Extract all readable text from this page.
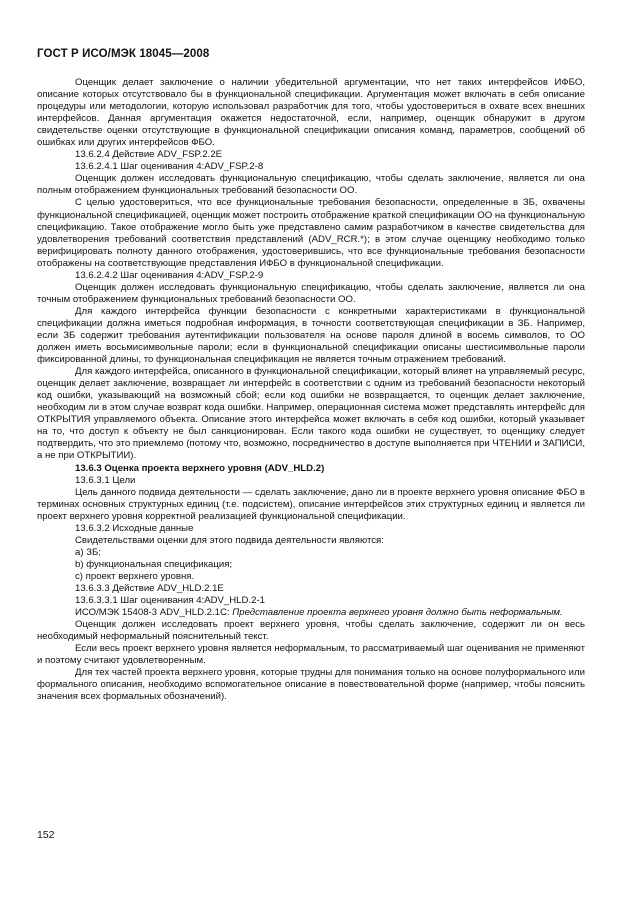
ГОСТ Р ИСО/МЭК 18045—2008

Оценщик делает заключение о наличии убедительной аргументации, что нет таких интерфейсов ИФБО, описание которых отсутствовало бы в функциональной спецификации. Аргументация может включать в себя описание процедуры или методологии, которую использовал разработчик для того, чтобы удостовериться в охвате всех внешних интерфейсов. Данная аргументация окажется недостаточной, если, например, оценщик обнаружит в другом свидетельстве оценки отсутствующие в функциональной спецификации описания команд, параметров, сообщений об ошибках или других интерфейсов ФБО.

13.6.2.4 Действие ADV_FSP.2.2E

13.6.2.4.1 Шаг оценивания 4:ADV_FSP.2-8

Оценщик должен исследовать функциональную спецификацию, чтобы сделать заключение, является ли она полным отображением функциональных требований безопасности ОО.

С целью удостовериться, что все функциональные требования безопасности, определенные в ЗБ, охвачены функциональной спецификацией, оценщик может построить отображение краткой спецификации ОО на функциональную спецификацию. Такое отображение могло быть уже представлено самим разработчиком в качестве свидетельства для удовлетворения требований соответствия представлений (ADV_RCR.*); в этом случае оценщику необходимо только верифицировать полноту данного отображения, удостоверившись, что все функциональные требования безопасности отображены на соответствующие представления ИФБО в функциональной спецификации.

13.6.2.4.2 Шаг оценивания 4:ADV_FSP.2-9

Оценщик должен исследовать функциональную спецификацию, чтобы сделать заключение, является ли она точным отображением функциональных требований безопасности ОО.

Для каждого интерфейса функции безопасности с конкретными характеристиками в функциональной спецификации должна иметься подробная информация, в точности соответствующая спецификации в ЗБ. Например, если ЗБ содержит требования аутентификации пользователя на основе пароля длиной в восемь символов, то ОО должен иметь восьмисимвольные пароли; если в функциональной спецификации описаны шестисимвольные пароли фиксированной длины, то функциональная спецификация не является точным отражением требований.

Для каждого интерфейса, описанного в функциональной спецификации, который влияет на управляемый ресурс, оценщик делает заключение, возвращает ли интерфейс в соответствии с одним из требований безопасности некоторый код ошибки, указывающий на возможный сбой; если код ошибки не возвращается, то оценщик делает заключение, необходим ли в этом случае возврат кода ошибки. Например, операционная система может представлять интерфейс для ОТКРЫТИЯ управляемого объекта. Описание этого интерфейса может включать в себя код ошибки, который указывает на то, что доступ к объекту не был санкционирован. Если такого кода ошибки не существует, то оценщику следует подтвердить, что это приемлемо (потому что, возможно, посредничество в доступе выполняется при ЧТЕНИИ и ЗАПИСИ, а не при ОТКРЫТИИ).

13.6.3 Оценка проекта верхнего уровня (ADV_HLD.2)

13.6.3.1 Цели

Цель данного подвида деятельности — сделать заключение, дано ли в проекте верхнего уровня описание ФБО в терминах основных структурных единиц (т.е. подсистем), описание интерфейсов этих структурных единиц и является ли проект верхнего уровня корректной реализацией функциональной спецификации.

13.6.3.2 Исходные данные

Свидетельствами оценки для этого подвида деятельности являются:

a) ЗБ;

b) функциональная спецификация;

c) проект верхнего уровня.

13.6.3.3 Действие ADV_HLD.2.1E

13.6.3.3.1 Шаг оценивания 4:ADV_HLD.2-1

ИСО/МЭК 15408-3 ADV_HLD.2.1C: Представление проекта верхнего уровня должно быть неформальным.

Оценщик должен исследовать проект верхнего уровня, чтобы сделать заключение, содержит ли он весь необходимый неформальный пояснительный текст.

Если весь проект верхнего уровня является неформальным, то рассматриваемый шаг оценивания не применяют и поэтому считают удовлетворенным.

Для тех частей проекта верхнего уровня, которые трудны для понимания только на основе полуформального или формального описания, необходимо вспомогательное описание в повествовательной форме (например, чтобы пояснить значения всех формальных обозначений).

152
